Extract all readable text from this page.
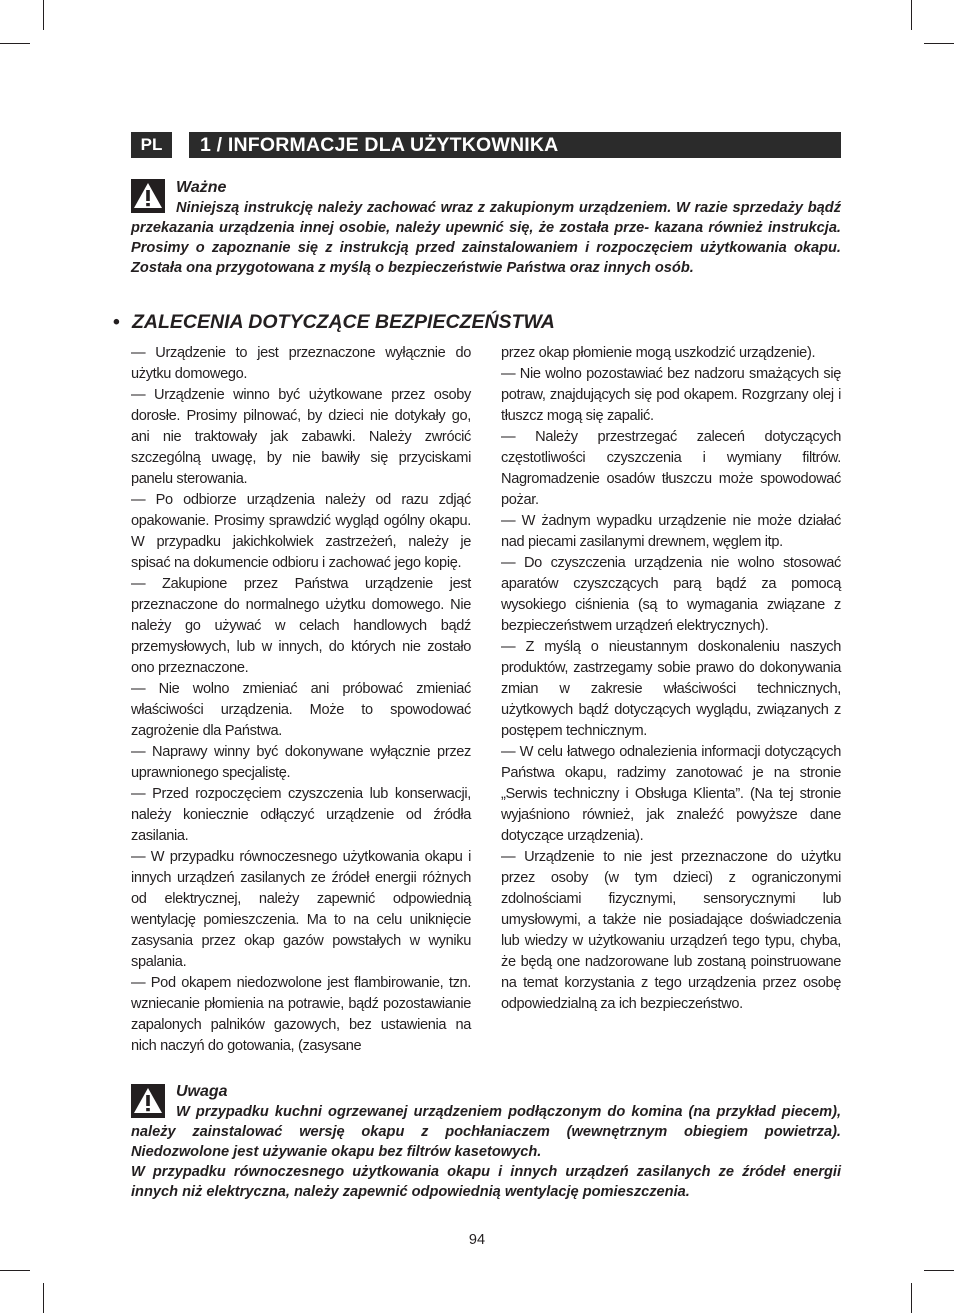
PL	1 / INFORMACJE DLA UŻYTKOWNIKA
Ważne

Niniejszą instrukcję należy zachować wraz z zakupionym urządzeniem. W razie sprzedaży bądź przekazania urządzenia innej osobie, należy upewnić się, że została prze- kazana również instrukcja. Prosimy o zapoznanie się z instrukcją przed zainstalowaniem i rozpoczęciem użytkowania okapu. Została ona przygotowana z myślą o bezpieczeństwie Państwa oraz innych osób.

• ZALECENIA DOTYCZĄCE BEZPIECZEŃSTWA

— Urządzenie to jest przeznaczone wyłącznie do użytku domowego.

— Urządzenie winno być użytkowane przez osoby dorosłe. Prosimy pilnować, by dzieci nie dotykały go, ani nie traktowały jak zabawki. Należy zwrócić szczególną uwagę, by nie bawiły się przyciskami panelu sterowania.

— Po odbiorze urządzenia należy od razu zdjąć opakowanie. Prosimy sprawdzić wygląd ogólny okapu. W przypadku jakichkolwiek zastrzeżeń, należy je spisać na dokumencie odbioru i zachować jego kopię.

— Zakupione przez Państwa urządzenie jest przeznaczone do normalnego użytku domowego. Nie należy go używać w celach handlowych bądź przemysłowych, lub w innych, do których nie zostało ono przeznaczone.

— Nie wolno zmieniać ani próbować zmieniać właściwości urządzenia. Może to spowodować zagrożenie dla Państwa.

— Naprawy winny być dokonywane wyłącznie przez uprawnionego specjalistę.

— Przed rozpoczęciem czyszczenia lub konserwacji, należy koniecznie odłączyć urządzenie od źródła zasilania.

— W przypadku równoczesnego użytkowania okapu i innych urządzeń zasilanych ze źródeł energii różnych od elektrycznej, należy zapewnić odpowiednią wentylację pomieszczenia. Ma to na celu uniknięcie zasysania przez okap gazów powstałych w wyniku spalania.

— Pod okapem niedozwolone jest flambirowanie, tzn. wzniecanie płomienia na potrawie, bądź pozostawianie zapalonych palników gazowych, bez ustawienia na nich naczyń do gotowania, (zasysane

przez okap płomienie mogą uszkodzić urządzenie).

— Nie wolno pozostawiać bez nadzoru smażących się potraw, znajdujących się pod okapem. Rozgrzany olej i tłuszcz mogą się zapalić.

— Należy przestrzegać zaleceń dotyczących częstotliwości czyszczenia i wymiany filtrów. Nagromadzenie osadów tłuszczu może spowodować pożar.

— W żadnym wypadku urządzenie nie może działać nad piecami zasilanymi drewnem, węglem itp.

— Do czyszczenia urządzenia nie wolno stosować aparatów czyszczących parą bądź za pomocą wysokiego ciśnienia (są to wymagania związane z bezpieczeństwem urządzeń elektrycznych).

— Z myślą o nieustannym doskonaleniu naszych produktów, zastrzegamy sobie prawo do dokonywania zmian w zakresie właściwości technicznych, użytkowych bądź dotyczących wyglądu, związanych z postępem technicznym.

— W celu łatwego odnalezienia informacji dotyczących Państwa okapu, radzimy zanotować je na stronie „Serwis techniczny i Obsługa Klienta”. (Na tej stronie wyjaśniono również, jak znaleźć powyższe dane dotyczące urządzenia).

— Urządzenie to nie jest przeznaczone do użytku przez osoby (w tym dzieci) z ograniczonymi zdolnościami fizycznymi, sensorycznymi lub umysłowymi, a także nie posiadające doświadczenia lub wiedzy w użytkowaniu urządzeń tego typu, chyba, że będą one nadzorowane lub zostaną poinstruowane na temat korzystania z tego urządzenia przez osobę odpowiedzialną za ich bezpieczeństwo.

Uwaga

W przypadku kuchni ogrzewanej urządzeniem podłączonym do komina (na przykład piecem), należy zainstalować wersję okapu z pochłaniaczem (wewnętrznym obiegiem powietrza). Niedozwolone jest używanie okapu bez filtrów kasetowych.

W przypadku równoczesnego użytkowania okapu i innych urządzeń zasilanych ze źródeł energii innych niż elektryczna, należy zapewnić odpowiednią wentylację pomieszczenia.

94
